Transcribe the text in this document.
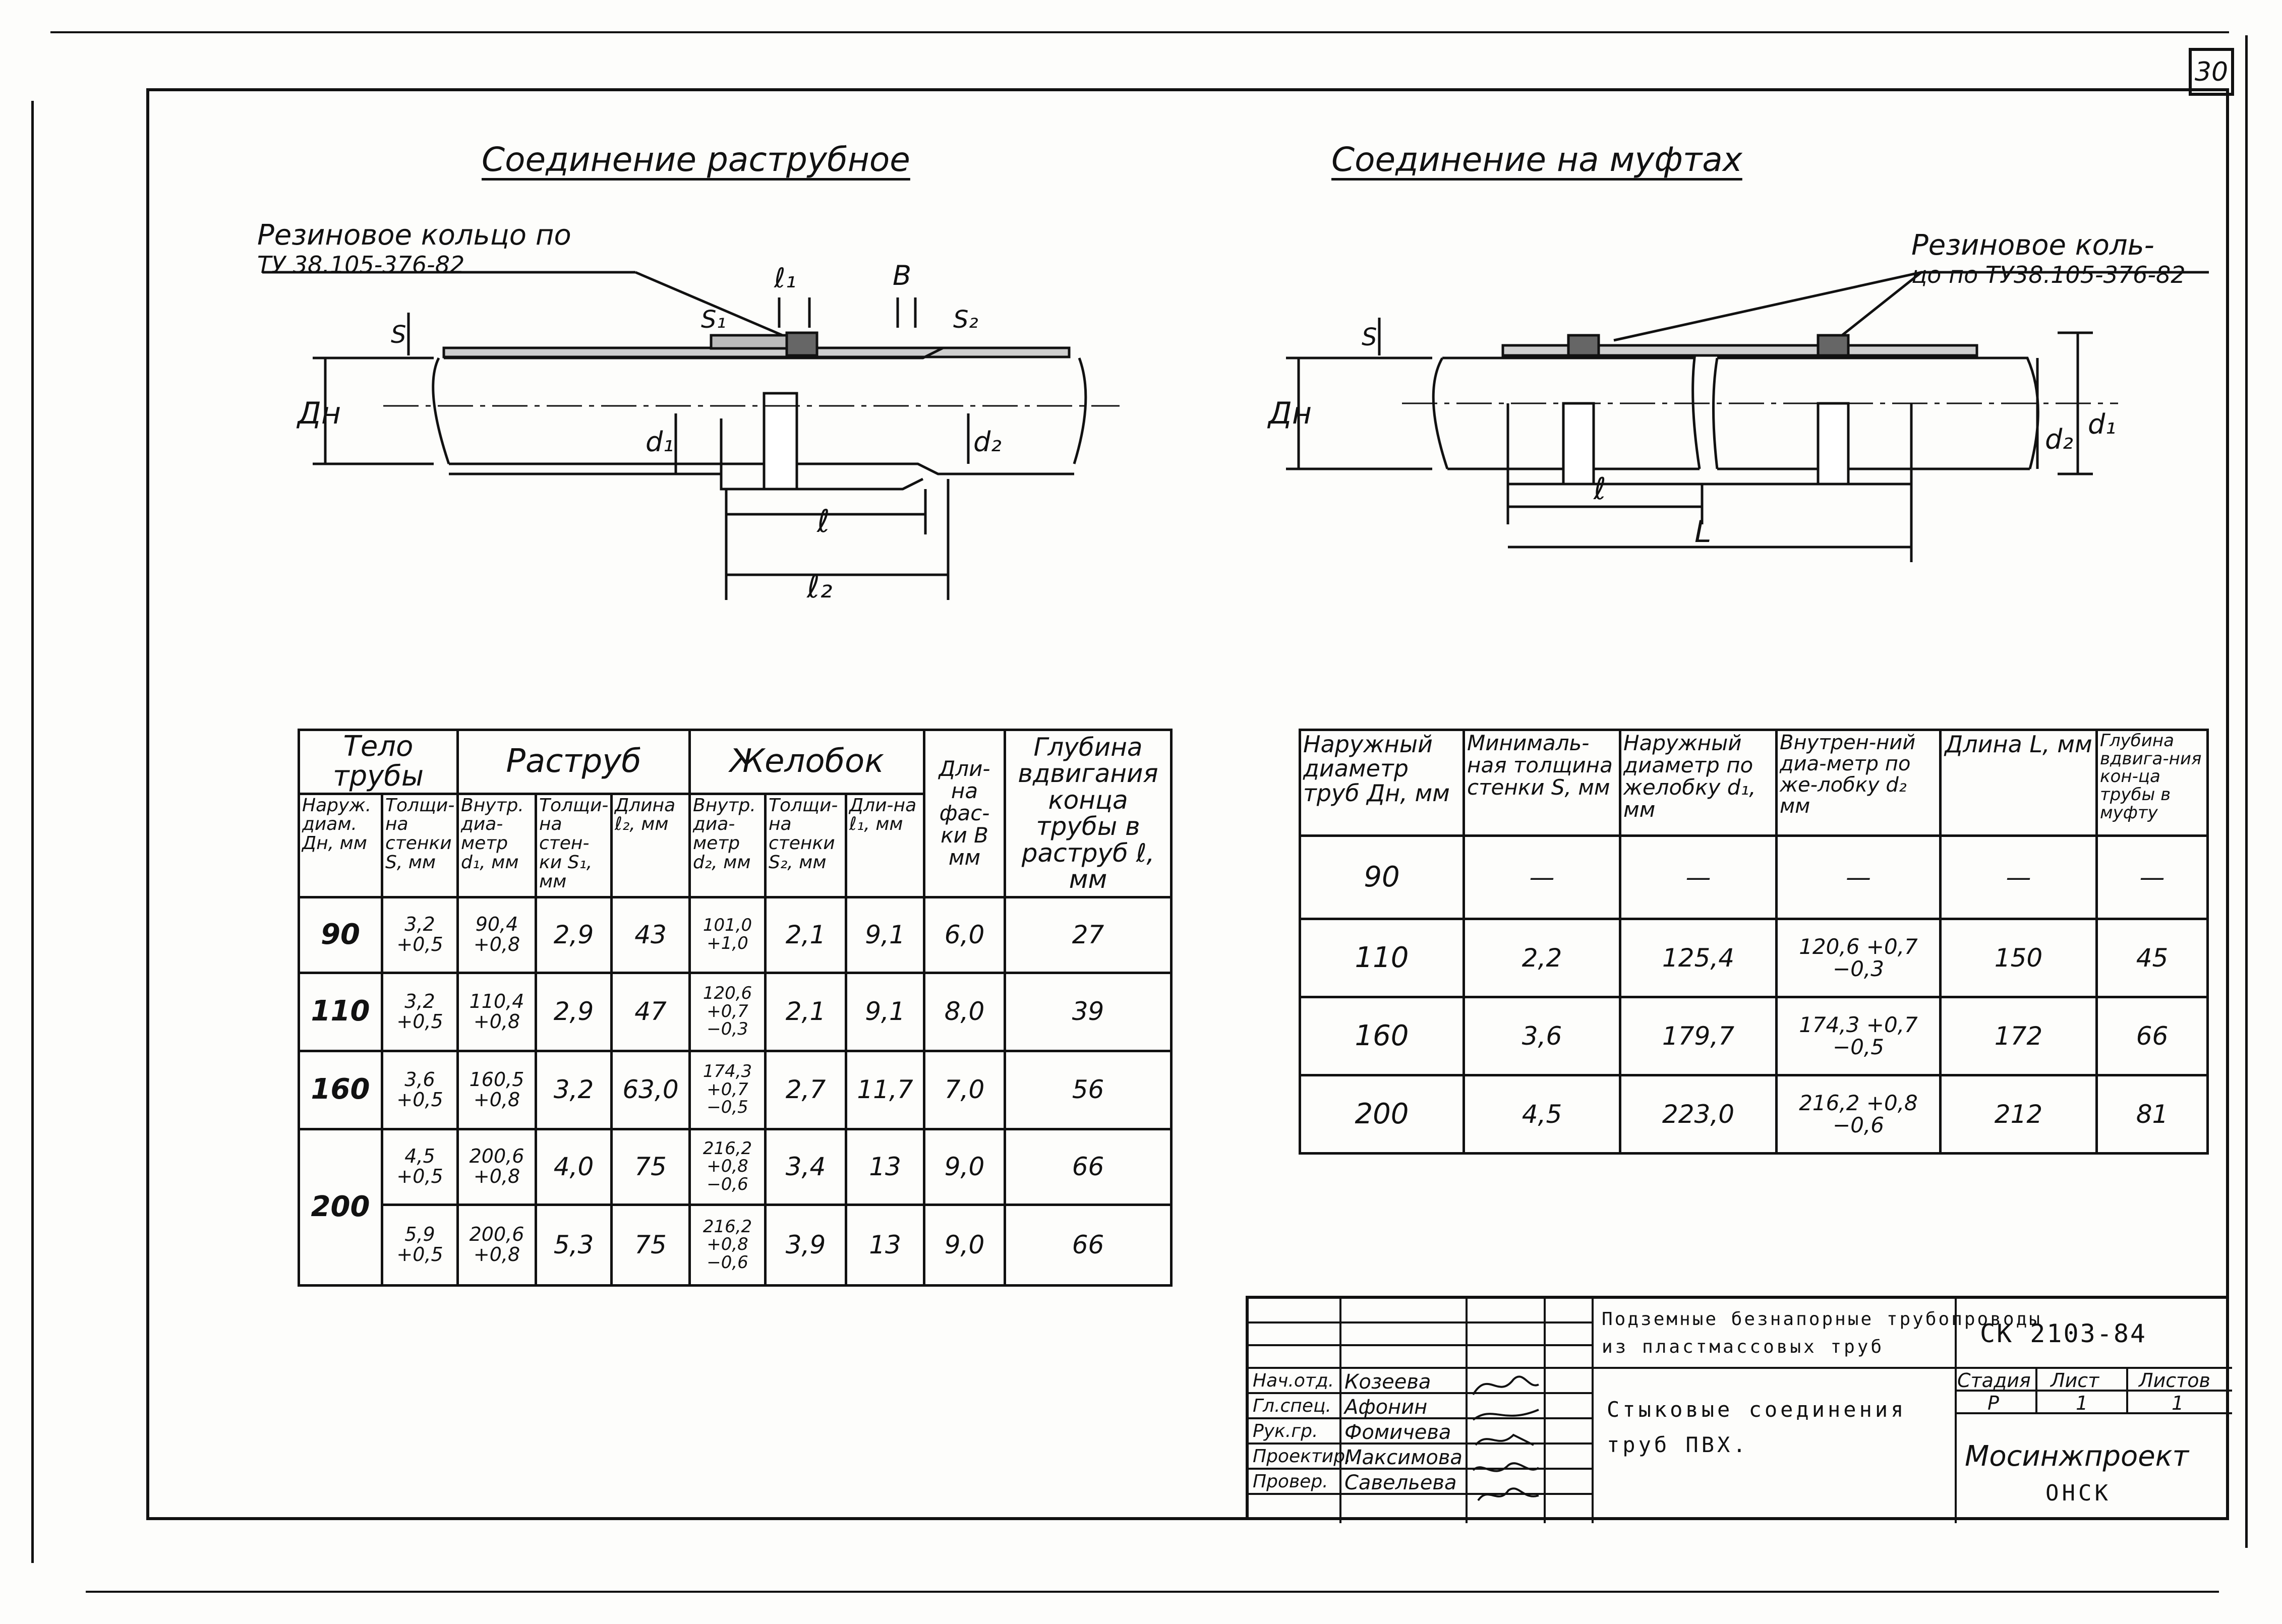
30
Соединение раструбное
Резиновое кольцо по
ТУ 38.105-376-82
Дн
S
S₁
ℓ₁	B
S₂
d₁	d₂
ℓ
ℓ₂
Соединение на муфтах
Резиновое коль-
цо по ТУ38.105-376-82
Дн
S
ℓ
L
d₂ d₁
Тело трубы		Раструб			Желобок			Дли-на фас-ки В мм	Глубина вдвигания конца трубы в раструб ℓ, мм
Наруж. диам. Дн, мм	Толщи-на стенки S, мм	Внутр. диа-метр d₁, мм	Толщи-на стен-ки S₁, мм	Длина ℓ₂, мм	Внутр. диа-метр d₂, мм	Толщи-на стенки S₂, мм	Дли-на ℓ₁, мм		
90	3,2 +0,5	90,4 +0,8	2,9	43	101,0 +1,0	2,1	9,1	6,0	27
110	3,2 +0,5	110,4 +0,8	2,9	47	120,6 +0,7 −0,3	2,1	9,1	8,0	39
160	3,6 +0,5	160,5 +0,8	3,2	63,0	174,3 +0,7 −0,5	2,7	11,7	7,0	56
200	4,5 +0,5	200,6 +0,8	4,0	75	216,2 +0,8 −0,6	3,4	13	9,0	66
	5,9 +0,5	200,6 +0,8	5,3	75	216,2 +0,8 −0,6	3,9	13	9,0	66
Наружный диаметр труб Дн, мм	Минималь-ная толщина стенки S, мм	Наружный диаметр по желобку d₁, мм	Внутрен-ний диа-метр по же-лобку d₂ мм	Длина L, мм	Глубина вдвига-ния кон-ца трубы в муфту
90	—	—	—	—	—
110	2,2	125,4	120,6 +0,7 −0,3	150	45
160	3,6	179,7	174,3 +0,7 −0,5	172	66
200	4,5	223,0	216,2 +0,8 −0,6	212	81
Нач.отд. Козеева
Гл.спец. Афонин
Рук.гр. Фомичева
Проектир.
Максимова
Провер. Савельева
Подземные безнапорные трубопроводы
из пластмассовых труб	СК 2103-84
Стыковые соединения
труб ПВХ.
Стадия Лист Листов
Р	1	1
Мосинжпроект
ОНСК
